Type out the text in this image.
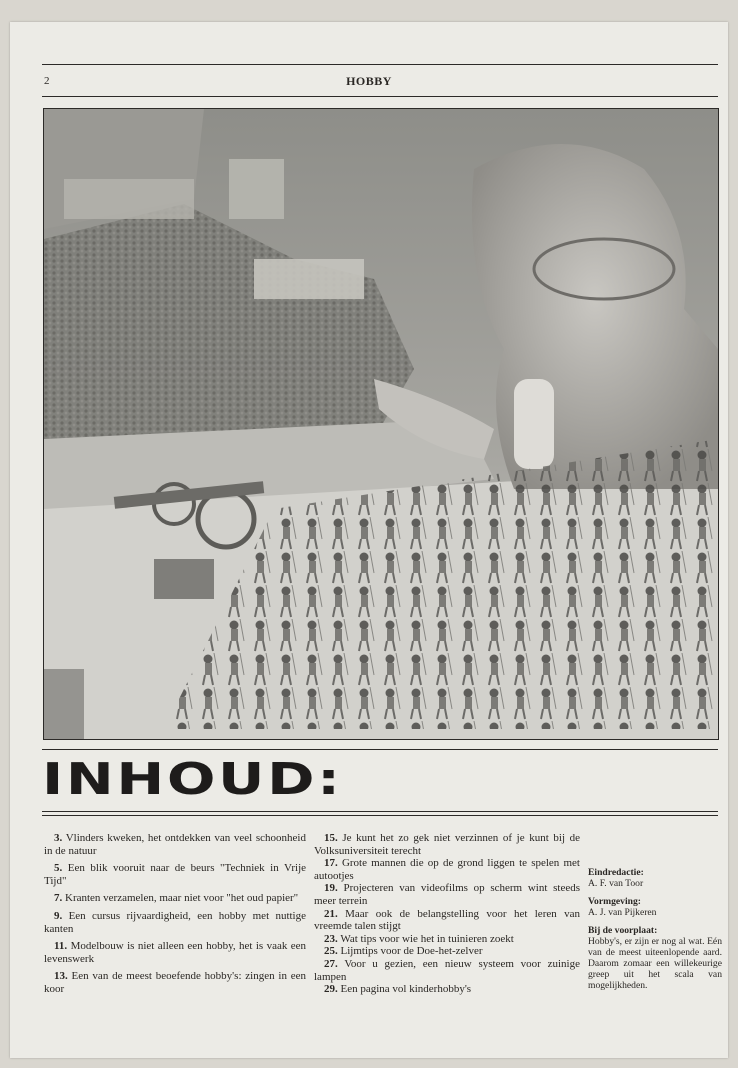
2	HOBBY
INHOUD:

3. Vlinders kweken, het ontdekken van veel schoonheid in de natuur

5. Een blik vooruit naar de beurs "Techniek in Vrije Tijd"

7. Kranten verzamelen, maar niet voor "het oud papier"

9. Een cursus rijvaardigheid, een hobby met nuttige kanten

11. Modelbouw is niet alleen een hobby, het is vaak een levenswerk

13. Een van de meest beoefende hobby's: zingen in een koor

15. Je kunt het zo gek niet verzinnen of je kunt bij de Volksuniversiteit terecht

17. Grote mannen die op de grond liggen te spelen met autootjes

19. Projecteren van videofilms op scherm wint steeds meer terrein

21. Maar ook de belangstelling voor het leren van vreemde talen stijgt

23. Wat tips voor wie het in tuinieren zoekt

25. Lijmtips voor de Doe-het-zelver

27. Voor u gezien, een nieuw systeem voor zuinige lampen

29. Een pagina vol kinderhobby's

Eindredactie:
A. F. van Toor
Vormgeving:
A. J. van Pijkeren
Bij de voorplaat:
Hobby's, er zijn er nog al wat. Eén van de meest uiteenlopende aard. Daarom zomaar een willekeurige greep uit het scala van mogelijkheden.
